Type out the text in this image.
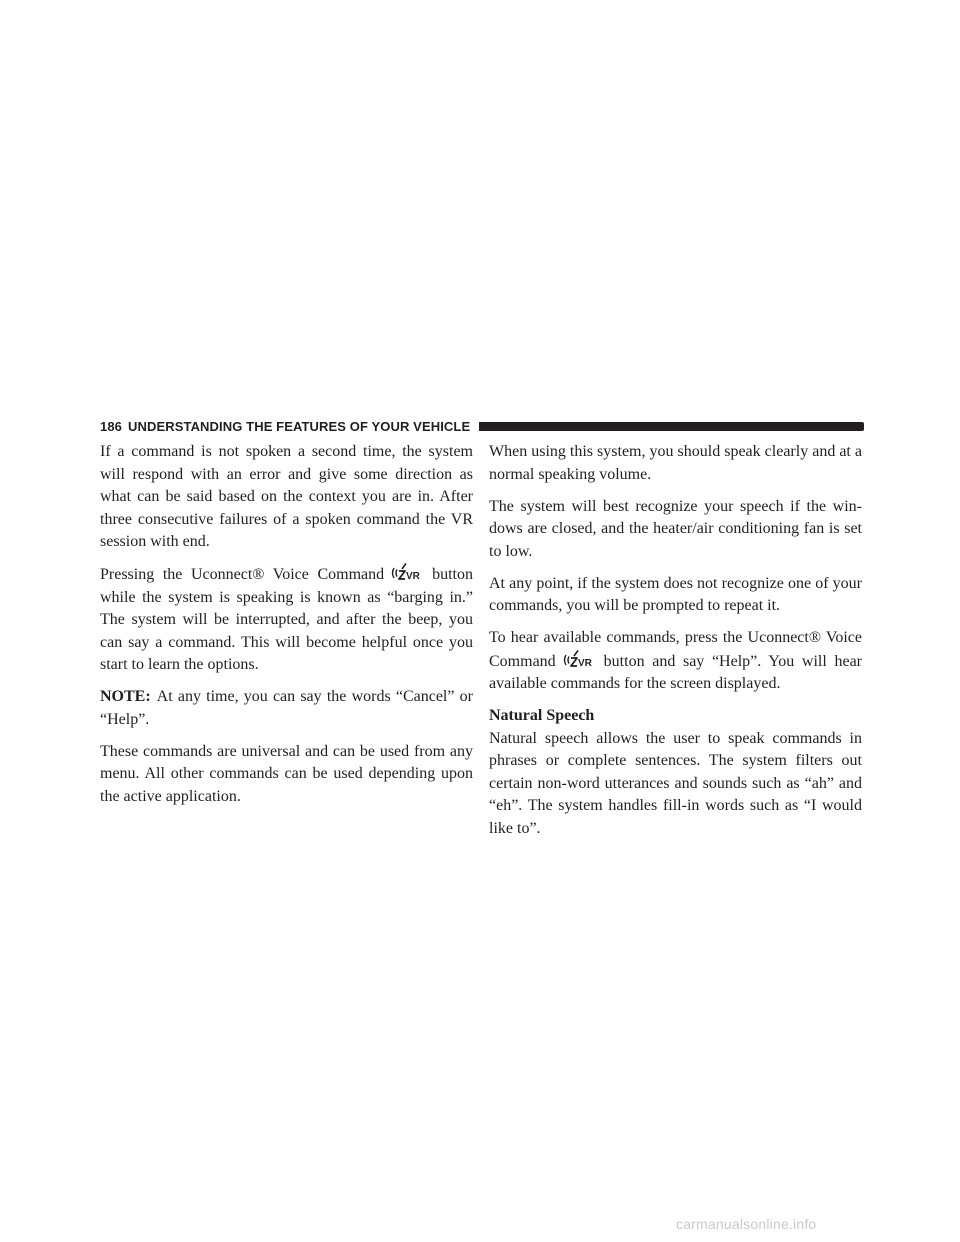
186 UNDERSTANDING THE FEATURES OF YOUR VEHICLE

If a command is not spoken a second time, the system will respond with an error and give some direction as what can be said based on the context you are in. After three consecutive failures of a spoken command the VR session with end.

Pressing the Uconnect® Voice Command VR button while the system is speaking is known as “barging in.” The system will be interrupted, and after the beep, you can say a command. This will become helpful once you start to learn the options.

NOTE: At any time, you can say the words “Cancel” or “Help”.

These commands are universal and can be used from any menu. All other commands can be used depending upon the active application.

When using this system, you should speak clearly and at a normal speaking volume.

The system will best recognize your speech if the win-dows are closed, and the heater/air conditioning fan is set to low.

At any point, if the system does not recognize one of your commands, you will be prompted to repeat it.

To hear available commands, press the Uconnect® Voice Command VR button and say “Help”. You will hear available commands for the screen displayed.

Natural Speech

Natural speech allows the user to speak commands in phrases or complete sentences. The system filters out certain non-word utterances and sounds such as “ah” and “eh”. The system handles fill-in words such as “I would like to”.

carmanualsonline.info
